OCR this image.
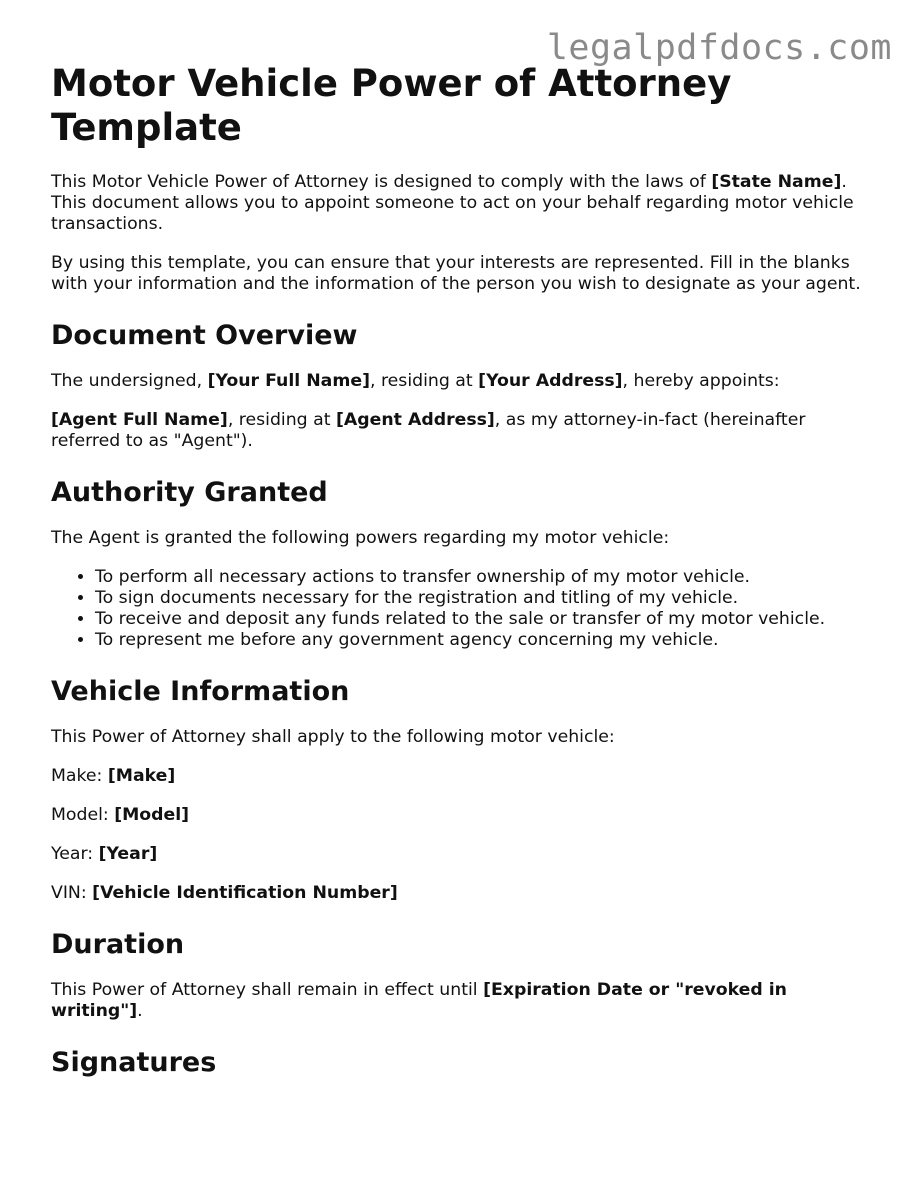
legalpdfdocs.com
Motor Vehicle Power of Attorney Template

This Motor Vehicle Power of Attorney is designed to comply with the laws of [State Name]. This document allows you to appoint someone to act on your behalf regarding motor vehicle transactions.

By using this template, you can ensure that your interests are represented. Fill in the blanks with your information and the information of the person you wish to designate as your agent.

Document Overview

The undersigned, [Your Full Name], residing at [Your Address], hereby appoints:

[Agent Full Name], residing at [Agent Address], as my attorney-in-fact (hereinafter referred to as "Agent").

Authority Granted

The Agent is granted the following powers regarding my motor vehicle:

• To perform all necessary actions to transfer ownership of my motor vehicle.
• To sign documents necessary for the registration and titling of my vehicle.
• To receive and deposit any funds related to the sale or transfer of my motor vehicle.
• To represent me before any government agency concerning my vehicle.
Vehicle Information

This Power of Attorney shall apply to the following motor vehicle:

Make: [Make]

Model: [Model]

Year: [Year]

VIN: [Vehicle Identification Number]

Duration

This Power of Attorney shall remain in effect until [Expiration Date or "revoked in writing"].

Signatures
